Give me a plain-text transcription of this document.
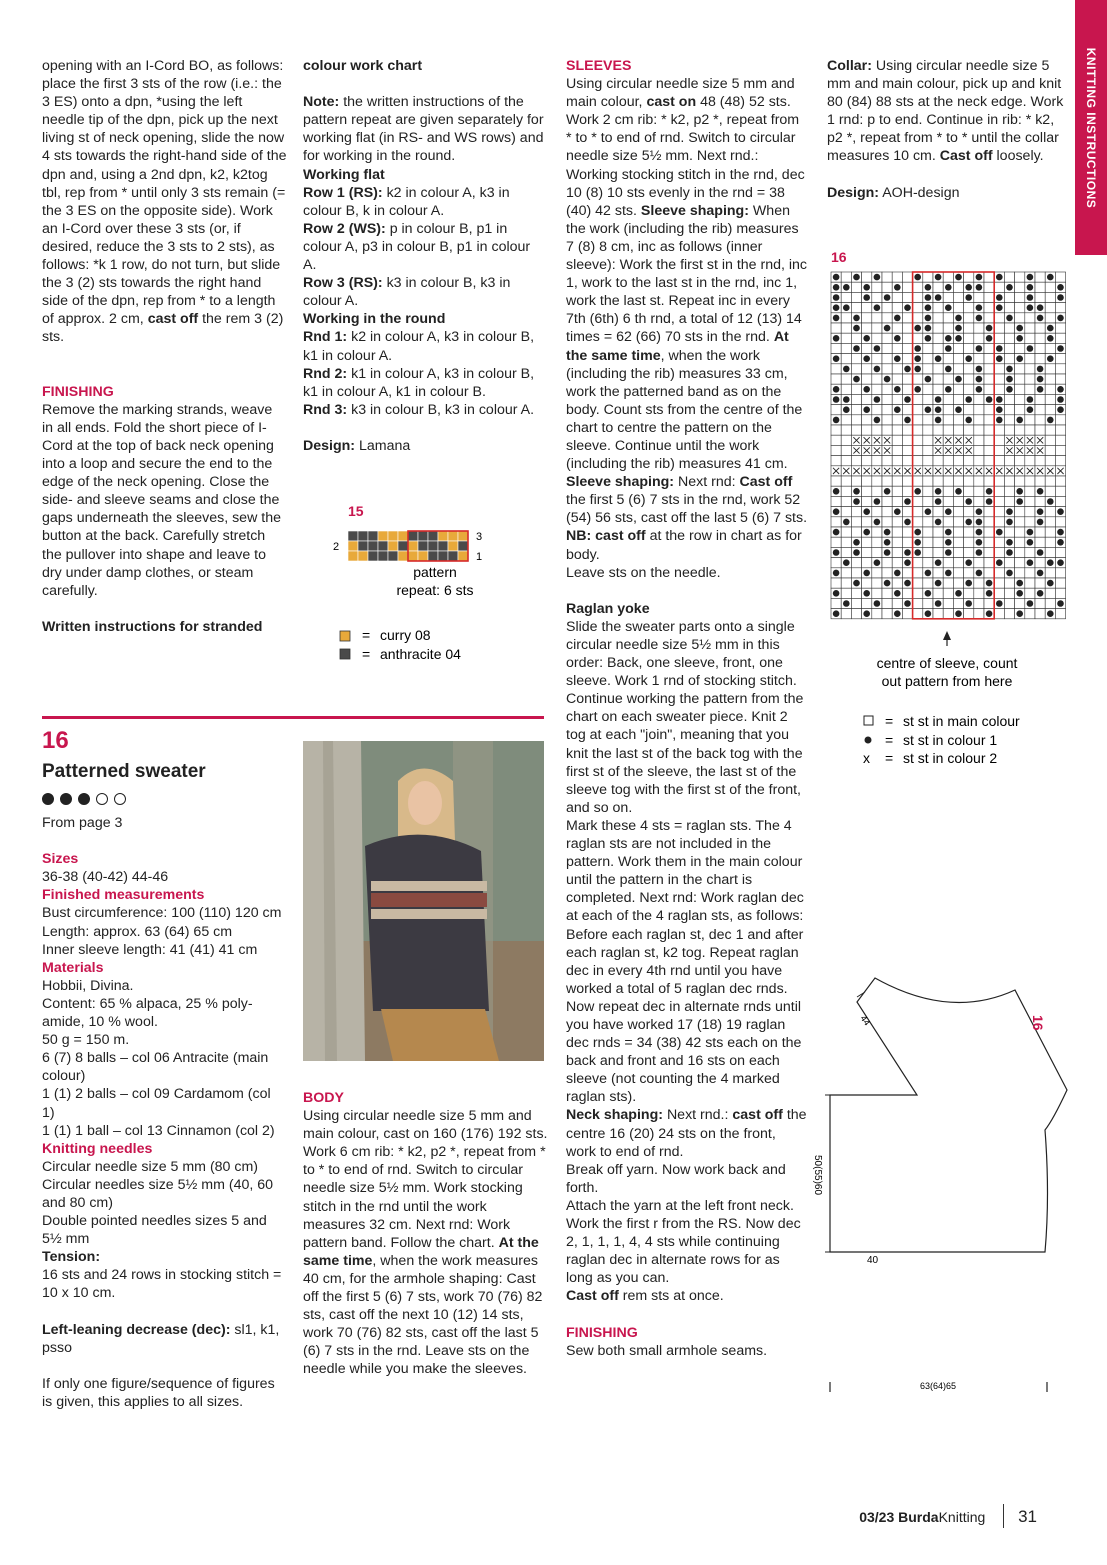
KNITTING INSTRUCTIONS

opening with an I-Cord BO, as follows: place the first 3 sts of the row (i.e.: the 3 ES) onto a dpn, *using the left needle tip of the dpn, pick up the next living st of neck opening, slide the now 4 sts towards the right-hand side of the dpn and, using a 2nd dpn, k2, k2tog tbl, rep from * until only 3 sts remain (= the 3 ES on the opposite side). Work an I-Cord over these 3 sts (or, if desired, reduce the 3 sts to 2 sts), as follows: *k 1 row, do not turn, but slide the 3 (2) sts towards the right hand side of the dpn, rep from * to a length of approx. 2 cm, cast off the rem 3 (2) sts.

FINISHING

Remove the marking strands, weave in all ends. Fold the short piece of I-Cord at the top of back neck opening into a loop and secure the end to the edge of the neck opening. Close the side- and sleeve seams and close the gaps underneath the sleeves, sew the button at the back. Carefully stretch the pullover into shape and leave to dry under damp clothes, or steam carefully.

Written instructions for stranded

colour work chart

Note: the written instructions of the pattern repeat are given separately for working flat (in RS- and WS rows) and for working in the round.

Working flat

Row 1 (RS): k2 in colour A, k3 in colour B, k in colour A.

Row 2 (WS): p in colour B, p1 in colour A, p3 in colour B, p1 in colour A.

Row 3 (RS): k3 in colour B, k3 in colour A.

Working in the round

Rnd 1: k2 in colour A, k3 in colour B, k1 in colour A.

Rnd 2: k1 in colour A, k3 in colour B, k1 in colour A, k1 in colour B.

Rnd 3: k3 in colour B, k3 in colour A.

Design: Lamana

15
2
3
1
pattern
repeat: 6 sts
= curry 08
= anthracite 04

SLEEVES

Using circular needle size 5 mm and main colour, cast on 48 (48) 52 sts. Work 2 cm rib: * k2, p2 *, repeat from * to * to end of rnd. Switch to circular needle size 5½ mm. Next rnd.: Working stocking stitch in the rnd, dec 10 (8) 10 sts evenly in the rnd = 38 (40) 42 sts. Sleeve shaping: When the work (including the rib) measures 7 (8) 8 cm, inc as follows (inner sleeve): Work the first st in the rnd, inc 1, work to the last st in the rnd, inc 1, work the last st. Repeat inc in every 7th (6th) 6 th rnd, a total of 12 (13) 14 times = 62 (66) 70 sts in the rnd. At the same time, when the work (including the rib) measures 33 cm, work the patterned band as on the body. Count sts from the centre of the chart to centre the pattern on the sleeve. Continue until the work (including the rib) measures 41 cm. Sleeve shaping: Next rnd: Cast off the first 5 (6) 7 sts in the rnd, work 52 (54) 56 sts, cast off the last 5 (6) 7 sts.

NB: cast off at the row in chart as for body.

Leave sts on the needle.

Raglan yoke

Slide the sweater parts onto a single circular needle size 5½ mm in this order: Back, one sleeve, front, one sleeve. Work 1 rnd of stocking stitch. Continue working the pattern from the chart on each sweater piece. Knit 2 tog at each "join", meaning that you knit the last st of the back tog with the first st of the sleeve, the last st of the sleeve tog with the first st of the front, and so on.

Mark these 4 sts = raglan sts. The 4 raglan sts are not included in the pattern. Work them in the main colour until the pattern in the chart is completed. Next rnd: Work raglan dec at each of the 4 raglan sts, as follows: Before each raglan st, dec 1 and after each raglan st, k2 tog. Repeat raglan dec in every 4th rnd until you have worked a total of 5 raglan dec rnds.

Now repeat dec in alternate rnds until you have worked 17 (18) 19 raglan dec rnds = 34 (38) 42 sts each on the back and front and 16 sts on each sleeve (not counting the 4 marked raglan sts).

Neck shaping: Next rnd.: cast off the centre 16 (20) 24 sts on the front, work to end of rnd.

Break off yarn. Now work back and forth.

Attach the yarn at the left front neck. Work the first r from the RS. Now dec 2, 1, 1, 1, 4, 4 sts while continuing raglan dec in alternate rows for as long as you can.

Cast off rem sts at once.

FINISHING

Sew both small armhole seams.

Collar: Using circular needle size 5 mm and main colour, pick up and knit 80 (84) 88 sts at the neck edge. Work 1 rnd: p to end. Continue in rib: * k2, p2 *, repeat from * to * until the collar measures 10 cm. Cast off loosely.

Design: AOH-design

16
centre of sleeve, count
out pattern from here
= st st in main colour
= st st in colour 1
x = st st in colour 2
16
Patterned sweater

From page 3

Sizes

36-38 (40-42) 44-46

Finished measurements

Bust circumference: 100 (110) 120 cm

Length: approx. 63 (64) 65 cm

Inner sleeve length: 41 (41) 41 cm

Materials

Hobbii, Divina.

Content: 65 % alpaca, 25 % poly-amide, 10 % wool.

50 g = 150 m.

6 (7) 8 balls – col 06 Antracite (main colour)

1 (1) 2 balls – col 09 Cardamom (col 1)

1 (1) 1 ball – col 13 Cinnamon (col 2)

Knitting needles

Circular needle size 5 mm (80 cm)

Circular needles size 5½ mm (40, 60 and 80 cm)

Double pointed needles sizes 5 and 5½ mm

Tension:

16 sts and 24 rows in stocking stitch = 10 x 10 cm.

Left-leaning decrease (dec): sl1, k1, psso

If only one figure/sequence of figures is given, this applies to all sizes.

BODY

Using circular needle size 5 mm and main colour, cast on 160 (176) 192 sts. Work 6 cm rib: * k2, p2 *, repeat from * to * to end of rnd. Switch to circular needle size 5½ mm. Work stocking stitch in the rnd until the work measures 32 cm. Next rnd: Work pattern band. Follow the chart. At the same time, when the work measures 40 cm, for the armhole shaping: Cast off the first 5 (6) 7 sts, work 70 (76) 82 sts, cast off the next 10 (12) 14 sts, work 70 (76) 82 sts, cast off the last 5 (6) 7 sts in the rnd. Leave sts on the needle while you make the sleeves.

44
50(55)60
40
16
63(64)65
03/23 BurdaKnitting 31
